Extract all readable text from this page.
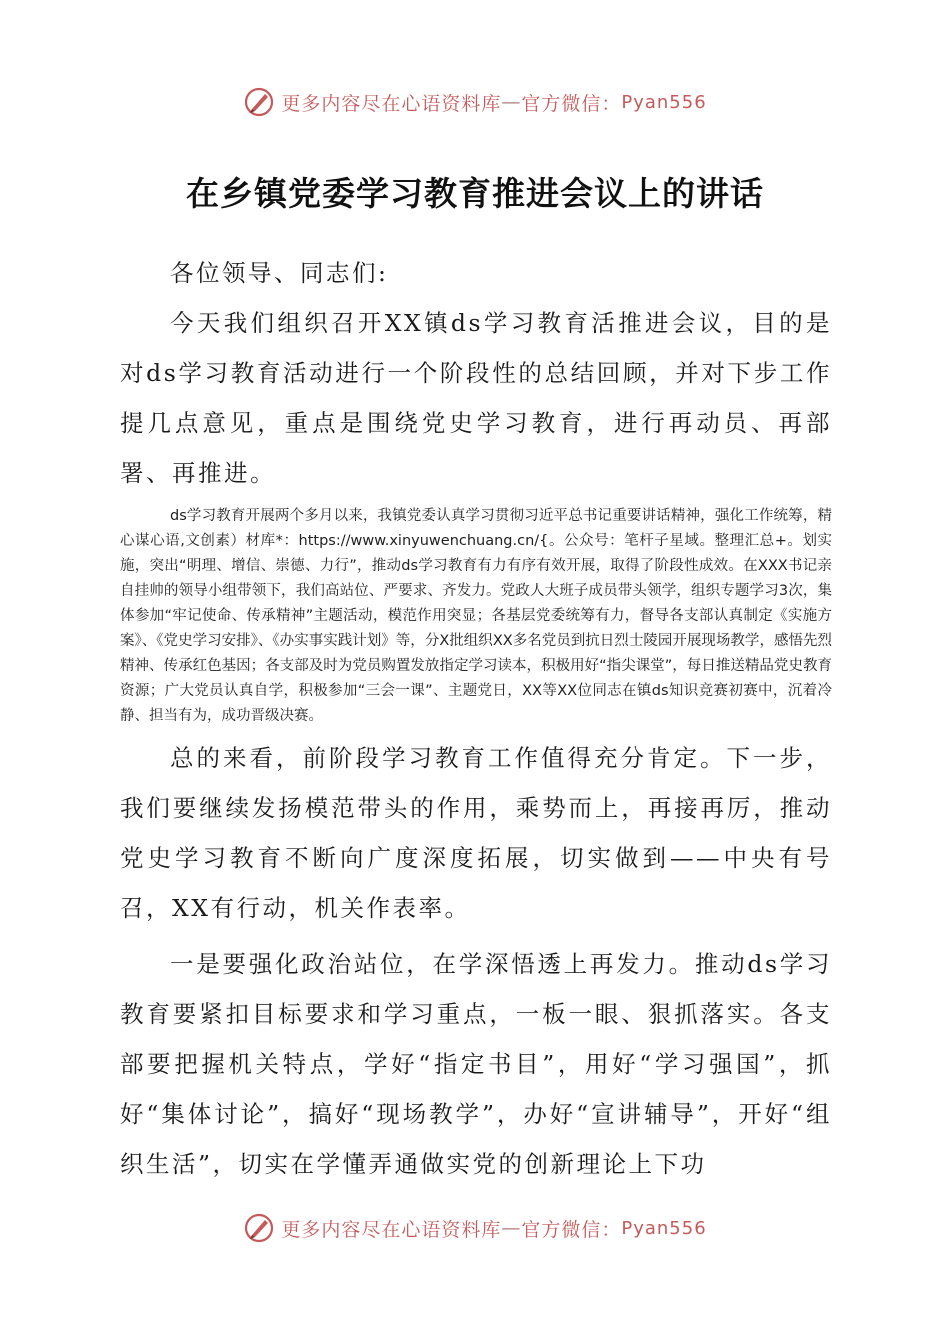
更多内容尽在心语资料库 — 官方微信： Pyan556
在乡镇党委学习教育推进会议上的讲话

各位领导、同志们:

今天我们组织召开XX镇ds学习教育活推进会议，目的是对ds学习教育活动进行一个阶段性的总结回顾，并对下步工作提几点意见，重点是围绕党史学习教育，进行再动员、再部署、再推进。

ds学习教育开展两个多月以来，我镇党委认真学习贯彻习近平总书记重要讲话精神，强化工作统筹，精心谋心语,文创素）材库*：https://www.xinyuwenchuang.cn/{。公众号：笔杆子星域。整理汇总+。划实施，突出“明理、增信、崇德、力行”，推动ds学习教育有力有序有效开展，取得了阶段性成效。在XXX书记亲自挂帅的领导小组带领下，我们高站位、严要求、齐发力。党政人大班子成员带头领学，组织专题学习3次，集体参加“牢记使命、传承精神”主题活动，模范作用突显；各基层党委统筹有力，督导各支部认真制定《实施方案》、《党史学习安排》、《办实事实践计划》等，分X批组织XX多名党员到抗日烈士陵园开展现场教学，感悟先烈精神、传承红色基因；各支部及时为党员购置发放指定学习读本，积极用好“指尖课堂”，每日推送精品党史教育资源；广大党员认真自学，积极参加“三会一课”、主题党日，XX等XX位同志在镇ds知识竞赛初赛中，沉着冷静、担当有为，成功晋级决赛。

总的来看，前阶段学习教育工作值得充分肯定。下一步，我们要继续发扬模范带头的作用，乘势而上，再接再厉，推动党史学习教育不断向广度深度拓展，切实做到——中央有号召，XX有行动，机关作表率。

一是要强化政治站位，在学深悟透上再发力。推动ds学习教育要紧扣目标要求和学习重点，一板一眼、狠抓落实。各支部要把握机关特点，学好“指定书目”，用好“学习强国”，抓好“集体讨论”，搞好“现场教学”，办好“宣讲辅导”，开好“组织生活”，切实在学懂弄通做实党的创新理论上下功

更多内容尽在心语资料库 — 官方微信： Pyan556
